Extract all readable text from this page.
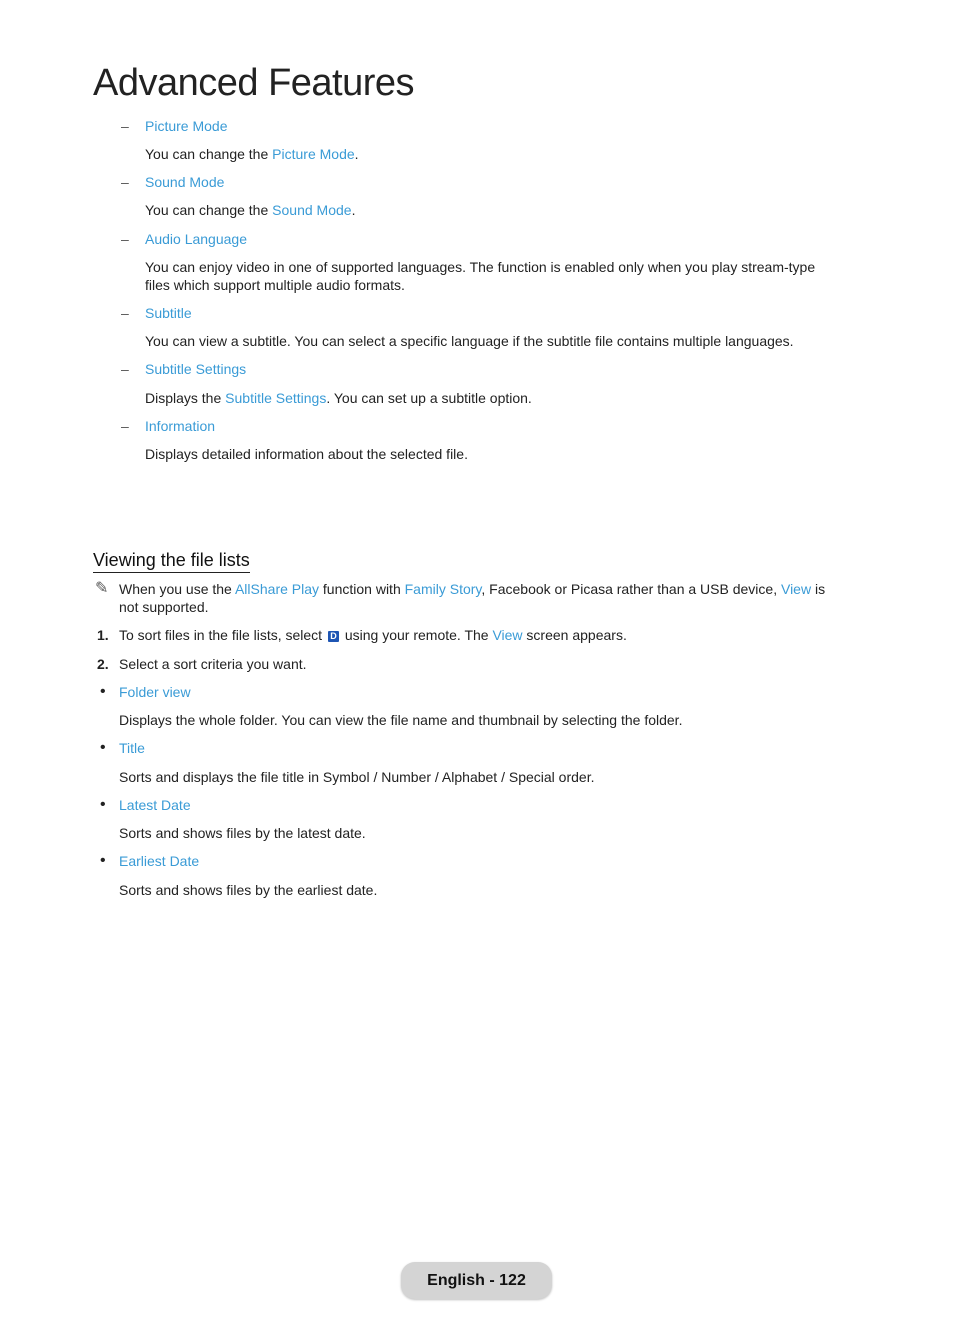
Advanced Features
–	Picture Mode
You can change the Picture Mode.
–	Sound Mode
You can change the Sound Mode.
–	Audio Language
You can enjoy video in one of supported languages. The function is enabled only when you play stream-type
files which support multiple audio formats.
–	Subtitle
You can view a subtitle. You can select a specific language if the subtitle file contains multiple languages.
–	Subtitle Settings
Displays the Subtitle Settings. You can set up a subtitle option.
–	Information
Displays detailed information about the selected file.
Viewing the file lists
✎ When you use the AllShare Play function with Family Story, Facebook or Picasa rather than a USB device, View is
not supported.
1. To sort files in the file lists, select D using your remote. The View screen appears.
2. Select a sort criteria you want.
• Folder view
Displays the whole folder. You can view the file name and thumbnail by selecting the folder.
• Title
Sorts and displays the file title in Symbol / Number / Alphabet / Special order.
• Latest Date
Sorts and shows files by the latest date.
• Earliest Date
Sorts and shows files by the earliest date.
English - 122
